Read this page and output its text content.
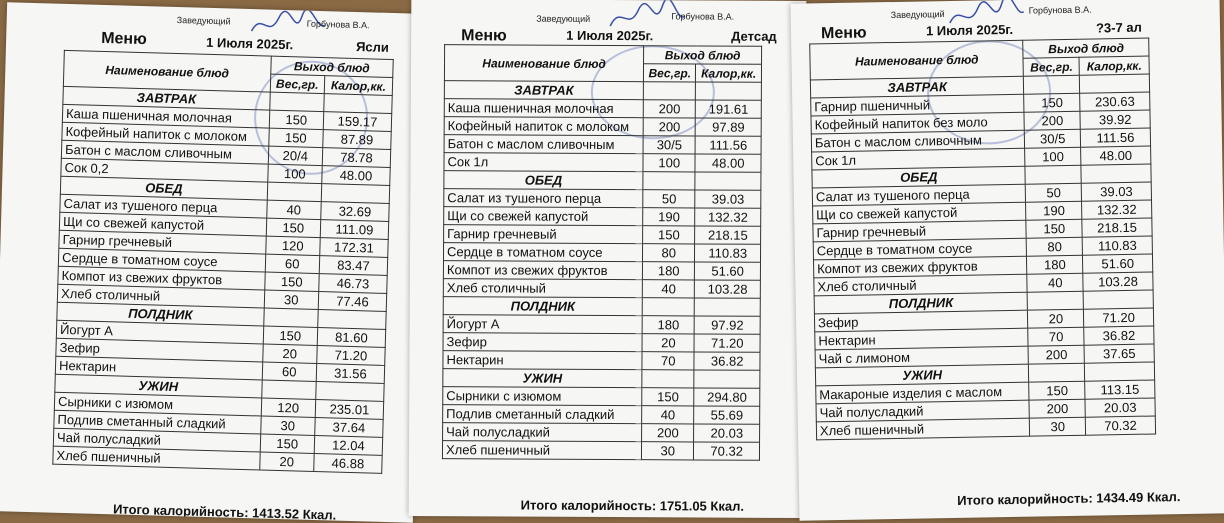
Заведующий	Горбунова В.А.
Меню	1 Июля 2025г.	Ясли
Наименование блюд	Выход блюд	
	Вес,гр.	Калор,кк.
ЗАВТРАК		
Каша пшеничная молочная	150	159.17
Кофейный напиток с молоком	150	87.89
Батон с маслом сливочным	20/4	78.78
Сок 0,2	100	48.00
ОБЕД		
Салат из тушеного перца	40	32.69
Щи со свежей капустой	150	111.09
Гарнир гречневый	120	172.31
Сердце в томатном соусе	60	83.47
Компот из свежих фруктов	150	46.73
Хлеб столичный	30	77.46
ПОЛДНИК		
Йогурт А	150	81.60
Зефир	20	71.20
Нектарин	60	31.56
УЖИН		
Сырники с изюмом	120	235.01
Подлив сметанный сладкий	30	37.64
Чай полусладкий	150	12.04
Хлеб пшеничный	20	46.88
Итого калорийность: 1413.52 Ккал.
Заведующий	Горбунова В.А.
Меню	1 Июля 2025г.	Детсад
Наименование блюд	Выход блюд	
	Вес,гр.	Калор,кк.
ЗАВТРАК		
Каша пшеничная молочная	200	191.61
Кофейный напиток с молоком	200	97.89
Батон с маслом сливочным	30/5	111.56
Сок 1л	100	48.00
ОБЕД		
Салат из тушеного перца	50	39.03
Щи со свежей капустой	190	132.32
Гарнир гречневый	150	218.15
Сердце в томатном соусе	80	110.83
Компот из свежих фруктов	180	51.60
Хлеб столичный	40	103.28
ПОЛДНИК		
Йогурт А	180	97.92
Зефир	20	71.20
Нектарин	70	36.82
УЖИН		
Сырники с изюмом	150	294.80
Подлив сметанный сладкий	40	55.69
Чай полусладкий	200	20.03
Хлеб пшеничный	30	70.32
Итого калорийность: 1751.05 Ккал.
Заведующий	Горбунова В.А.
Меню	1 Июля 2025г.	?3-7 ал
Наименование блюд	Выход блюд	
	Вес,гр.	Калор,кк.
ЗАВТРАК		
Гарнир пшеничный	150	230.63
Кофейный напиток без моло	200	39.92
Батон с маслом сливочным	30/5	111.56
Сок 1л	100	48.00
ОБЕД		
Салат из тушеного перца	50	39.03
Щи со свежей капустой	190	132.32
Гарнир гречневый	150	218.15
Сердце в томатном соусе	80	110.83
Компот из свежих фруктов	180	51.60
Хлеб столичный	40	103.28
ПОЛДНИК		
Зефир	20	71.20
Нектарин	70	36.82
Чай с лимоном	200	37.65
УЖИН		
Макароные изделия с маслом	150	113.15
Чай полусладкий	200	20.03
Хлеб пшеничный	30	70.32
Итого калорийность: 1434.49 Ккал.
